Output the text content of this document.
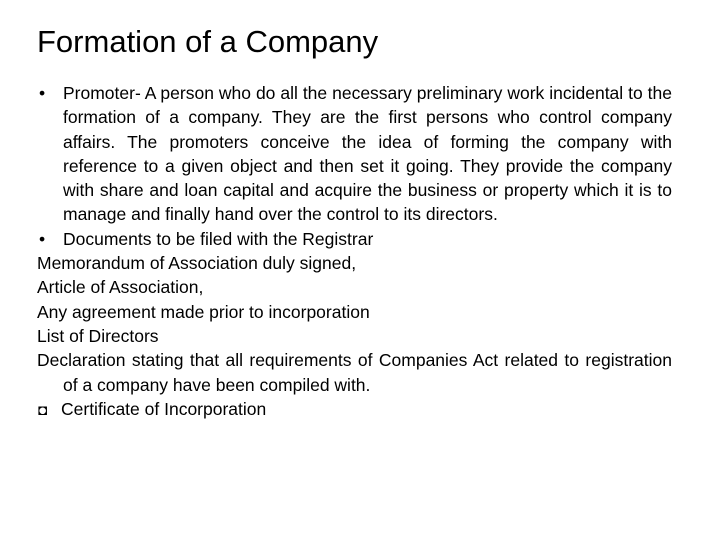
Formation of a Company

• Promoter- A person who do all the necessary preliminary work incidental to the formation of a company. They are the first persons who control company affairs. The promoters conceive the idea of forming the company with reference to a given object and then set it going. They provide the company with share and loan capital and acquire the business or property which it is to manage and finally hand over the control to its directors.

• Documents to be filed with the Registrar

Memorandum of Association duly signed,

Article of Association,

Any agreement made prior to incorporation

List of Directors

Declaration stating that all requirements of Companies Act related to registration of a company have been compiled with.

◘ Certificate of Incorporation
